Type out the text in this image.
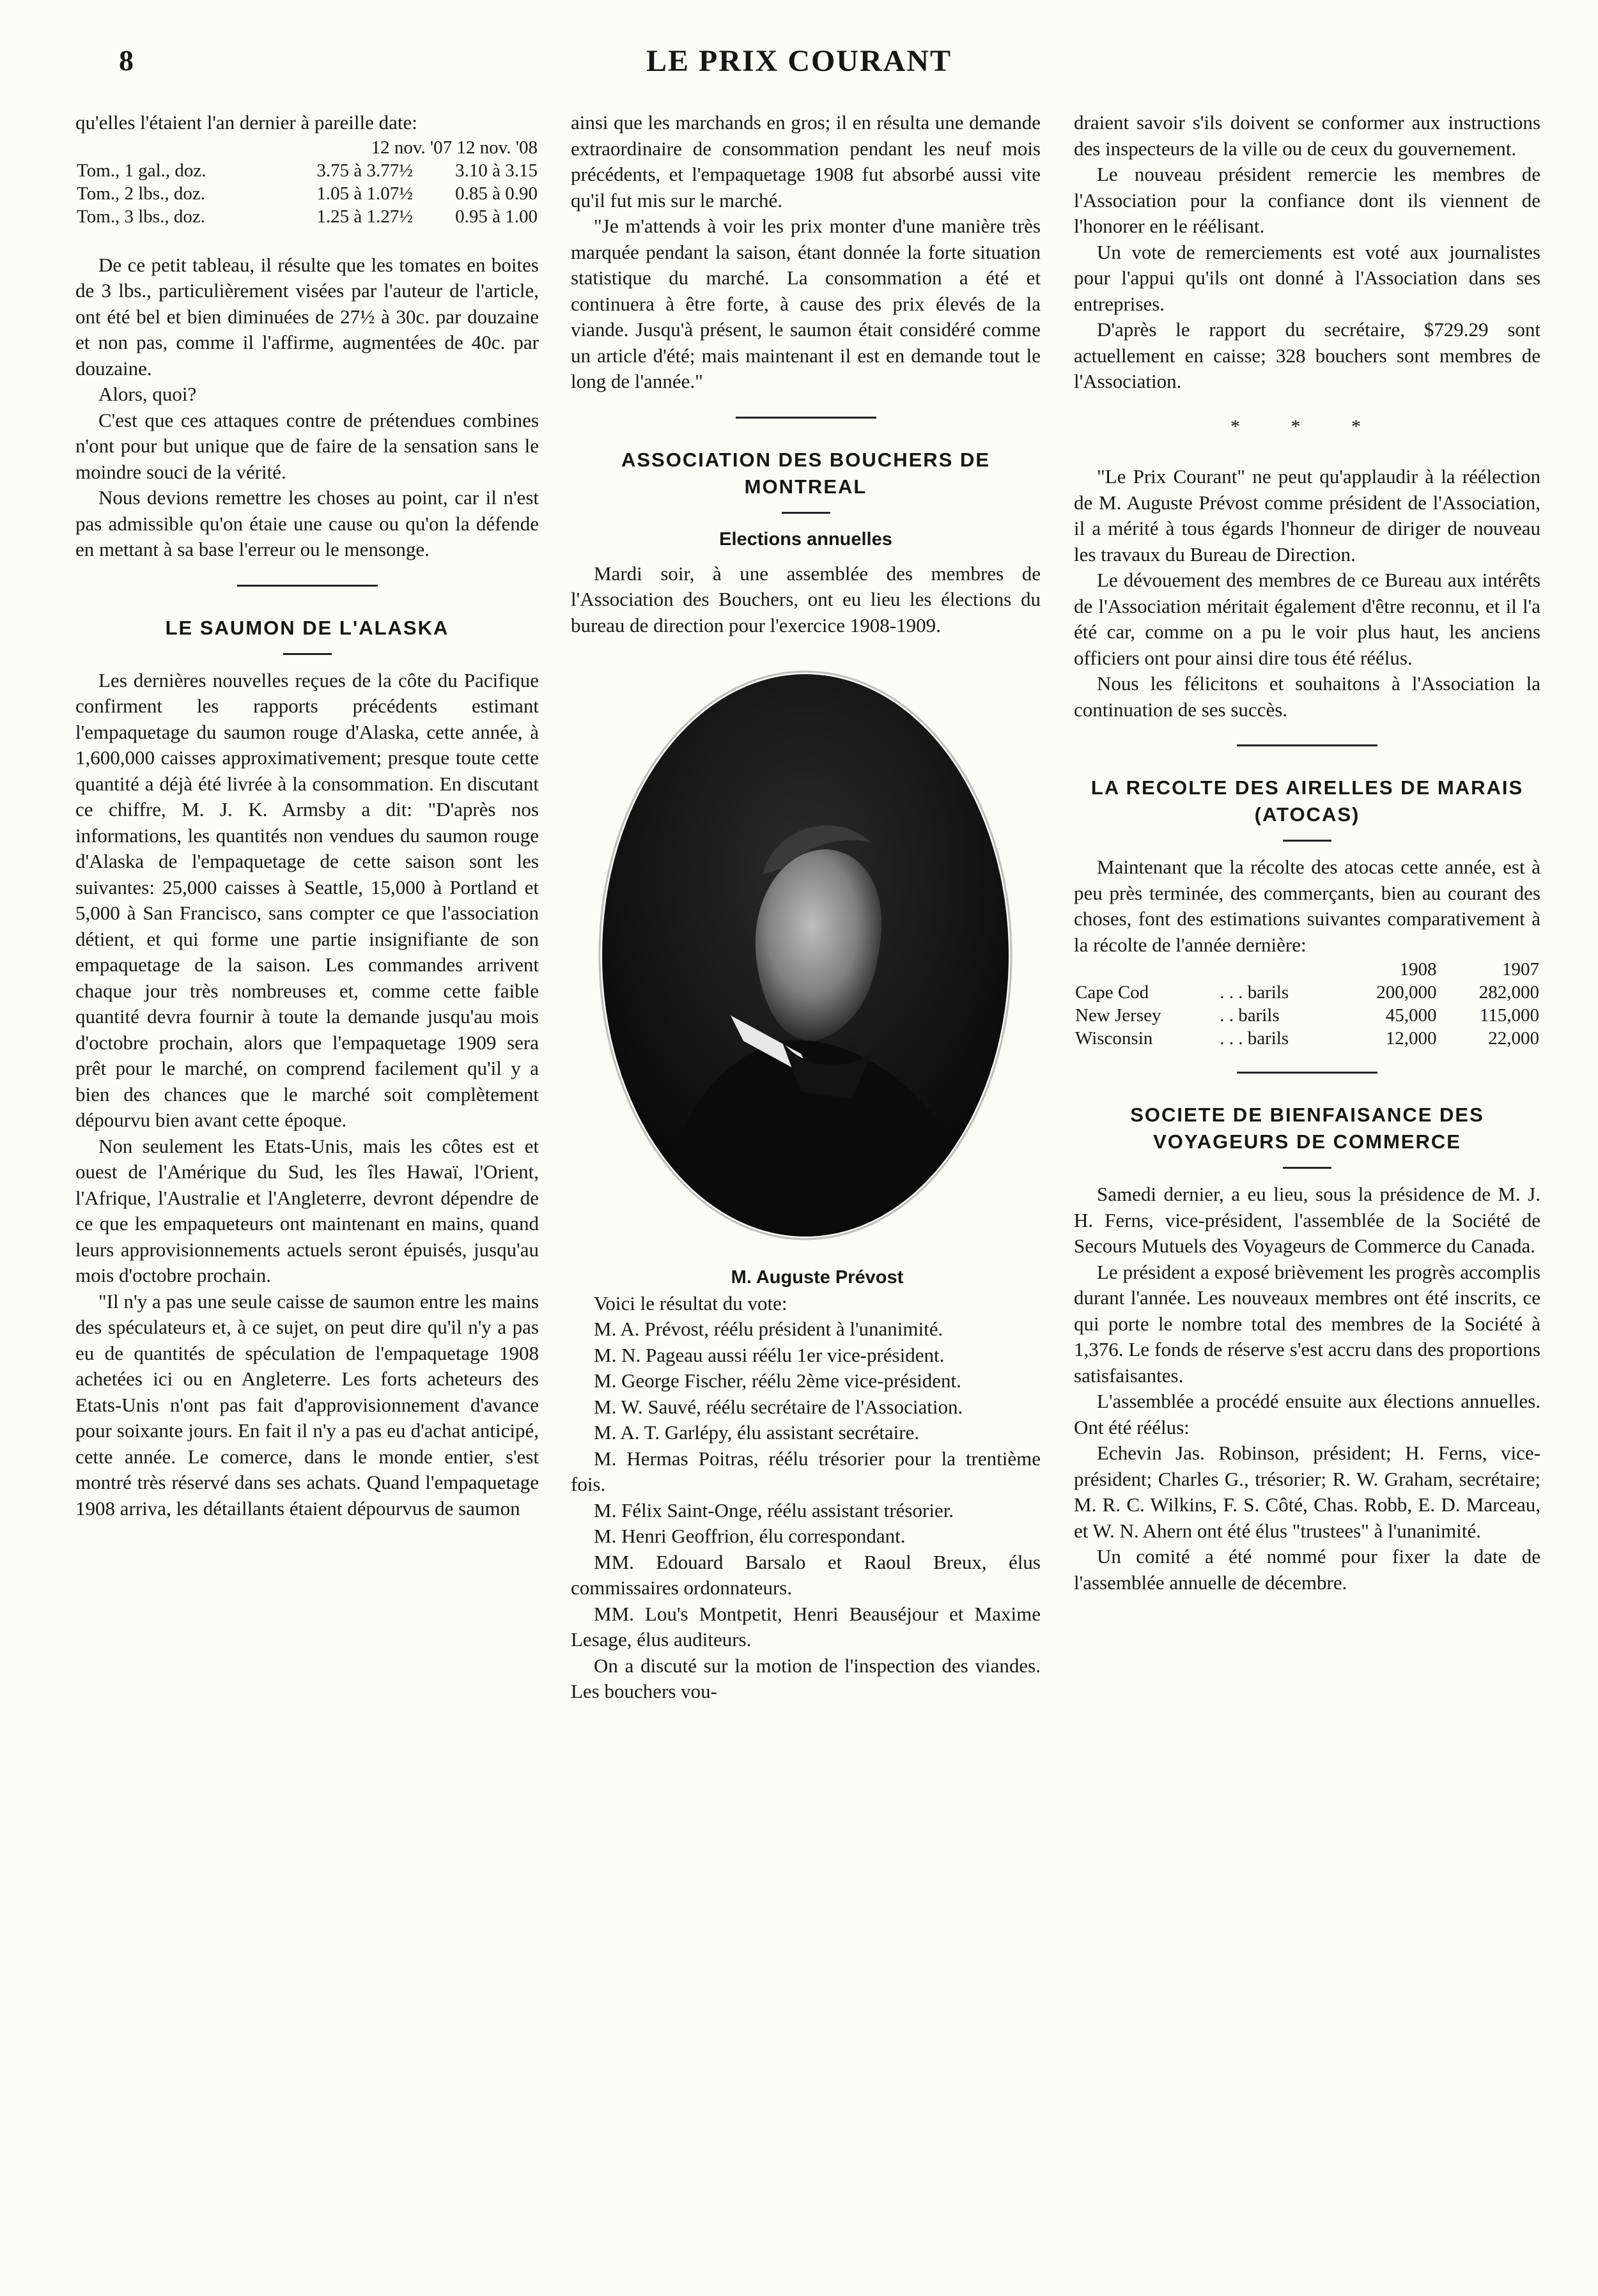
8	LE PRIX COURANT

qu'elles l'étaient l'an dernier à pareille date:

	12 nov. '07 12 nov. '08	
Tom., 1 gal., doz.	3.75 à 3.77½	3.10 à 3.15
Tom., 2 lbs., doz.	1.05 à 1.07½	0.85 à 0.90
Tom., 3 lbs., doz.	1.25 à 1.27½	0.95 à 1.00

De ce petit tableau, il résulte que les tomates en boites de 3 lbs., particulièrement visées par l'auteur de l'article, ont été bel et bien diminuées de 27½ à 30c. par douzaine et non pas, comme il l'affirme, augmentées de 40c. par douzaine.

Alors, quoi?

C'est que ces attaques contre de prétendues combines n'ont pour but unique que de faire de la sensation sans le moindre souci de la vérité.

Nous devions remettre les choses au point, car il n'est pas admissible qu'on étaie une cause ou qu'on la défende en mettant à sa base l'erreur ou le mensonge.

LE SAUMON DE L'ALASKA

Les dernières nouvelles reçues de la côte du Pacifique confirment les rapports précédents estimant l'empaquetage du saumon rouge d'Alaska, cette année, à 1,600,000 caisses approximativement; presque toute cette quantité a déjà été livrée à la consommation. En discutant ce chiffre, M. J. K. Armsby a dit: "D'après nos informations, les quantités non vendues du saumon rouge d'Alaska de l'empaquetage de cette saison sont les suivantes: 25,000 caisses à Seattle, 15,000 à Portland et 5,000 à San Francisco, sans compter ce que l'association détient, et qui forme une partie insignifiante de son empaquetage de la saison. Les commandes arrivent chaque jour très nombreuses et, comme cette faible quantité devra fournir à toute la demande jusqu'au mois d'octobre prochain, alors que l'empaquetage 1909 sera prêt pour le marché, on comprend facilement qu'il y a bien des chances que le marché soit complètement dépourvu bien avant cette époque.

Non seulement les Etats-Unis, mais les côtes est et ouest de l'Amérique du Sud, les îles Hawaï, l'Orient, l'Afrique, l'Australie et l'Angleterre, devront dépendre de ce que les empaqueteurs ont maintenant en mains, quand leurs approvisionnements actuels seront épuisés, jusqu'au mois d'octobre prochain.

"Il n'y a pas une seule caisse de saumon entre les mains des spéculateurs et, à ce sujet, on peut dire qu'il n'y a pas eu de quantités de spéculation de l'empaquetage 1908 achetées ici ou en Angleterre. Les forts acheteurs des Etats-Unis n'ont pas fait d'approvisionnement d'avance pour soixante jours. En fait il n'y a pas eu d'achat anticipé, cette année. Le comerce, dans le monde entier, s'est montré très réservé dans ses achats. Quand l'empaquetage 1908 arriva, les détaillants étaient dépourvus de saumon

ainsi que les marchands en gros; il en résulta une demande extraordinaire de consommation pendant les neuf mois précédents, et l'empaquetage 1908 fut absorbé aussi vite qu'il fut mis sur le marché.

"Je m'attends à voir les prix monter d'une manière très marquée pendant la saison, étant donnée la forte situation statistique du marché. La consommation a été et continuera à être forte, à cause des prix élevés de la viande. Jusqu'à présent, le saumon était considéré comme un article d'été; mais maintenant il est en demande tout le long de l'année."

ASSOCIATION DES BOUCHERS DE MONTREAL
Elections annuelles

Mardi soir, à une assemblée des membres de l'Association des Bouchers, ont eu lieu les élections du bureau de direction pour l'exercice 1908-1909.

M. Auguste Prévost

Voici le résultat du vote:

M. A. Prévost, réélu président à l'unanimité.

M. N. Pageau aussi réélu 1er vice-président.

M. George Fischer, réélu 2ème vice-président.

M. W. Sauvé, réélu secrétaire de l'Association.

M. A. T. Garlépy, élu assistant secrétaire.

M. Hermas Poitras, réélu trésorier pour la trentième fois.

M. Félix Saint-Onge, réélu assistant trésorier.

M. Henri Geoffrion, élu correspondant.

MM. Edouard Barsalo et Raoul Breux, élus commissaires ordonnateurs.

MM. Lou's Montpetit, Henri Beauséjour et Maxime Lesage, élus auditeurs.

On a discuté sur la motion de l'inspection des viandes. Les bouchers vou-

draient savoir s'ils doivent se conformer aux instructions des inspecteurs de la ville ou de ceux du gouvernement.

Le nouveau président remercie les membres de l'Association pour la confiance dont ils viennent de l'honorer en le réélisant.

Un vote de remerciements est voté aux journalistes pour l'appui qu'ils ont donné à l'Association dans ses entreprises.

D'après le rapport du secrétaire, $729.29 sont actuellement en caisse; 328 bouchers sont membres de l'Association.

* * *

"Le Prix Courant" ne peut qu'applaudir à la réélection de M. Auguste Prévost comme président de l'Association, il a mérité à tous égards l'honneur de diriger de nouveau les travaux du Bureau de Direction.

Le dévouement des membres de ce Bureau aux intérêts de l'Association méritait également d'être reconnu, et il l'a été car, comme on a pu le voir plus haut, les anciens officiers ont pour ainsi dire tous été réélus.

Nous les félicitons et souhaitons à l'Association la continuation de ses succès.

LA RECOLTE DES AIRELLES DE MARAIS (ATOCAS)

Maintenant que la récolte des atocas cette année, est à peu près terminée, des commerçants, bien au courant des choses, font des estimations suivantes comparativement à la récolte de l'année dernière:

		1908	1907
Cape Cod	. . . barils	200,000	282,000
New Jersey	. . barils	45,000	115,000
Wisconsin	. . . barils	12,000	22,000
SOCIETE DE BIENFAISANCE DES VOYAGEURS DE COMMERCE

Samedi dernier, a eu lieu, sous la présidence de M. J. H. Ferns, vice-président, l'assemblée de la Société de Secours Mutuels des Voyageurs de Commerce du Canada.

Le président a exposé brièvement les progrès accomplis durant l'année. Les nouveaux membres ont été inscrits, ce qui porte le nombre total des membres de la Société à 1,376. Le fonds de réserve s'est accru dans des proportions satisfaisantes.

L'assemblée a procédé ensuite aux élections annuelles. Ont été réélus:

Echevin Jas. Robinson, président; H. Ferns, vice-président; Charles G., trésorier; R. W. Graham, secrétaire; M. R. C. Wilkins, F. S. Côté, Chas. Robb, E. D. Marceau, et W. N. Ahern ont été élus "trustees" à l'unanimité.

Un comité a été nommé pour fixer la date de l'assemblée annuelle de décembre.
